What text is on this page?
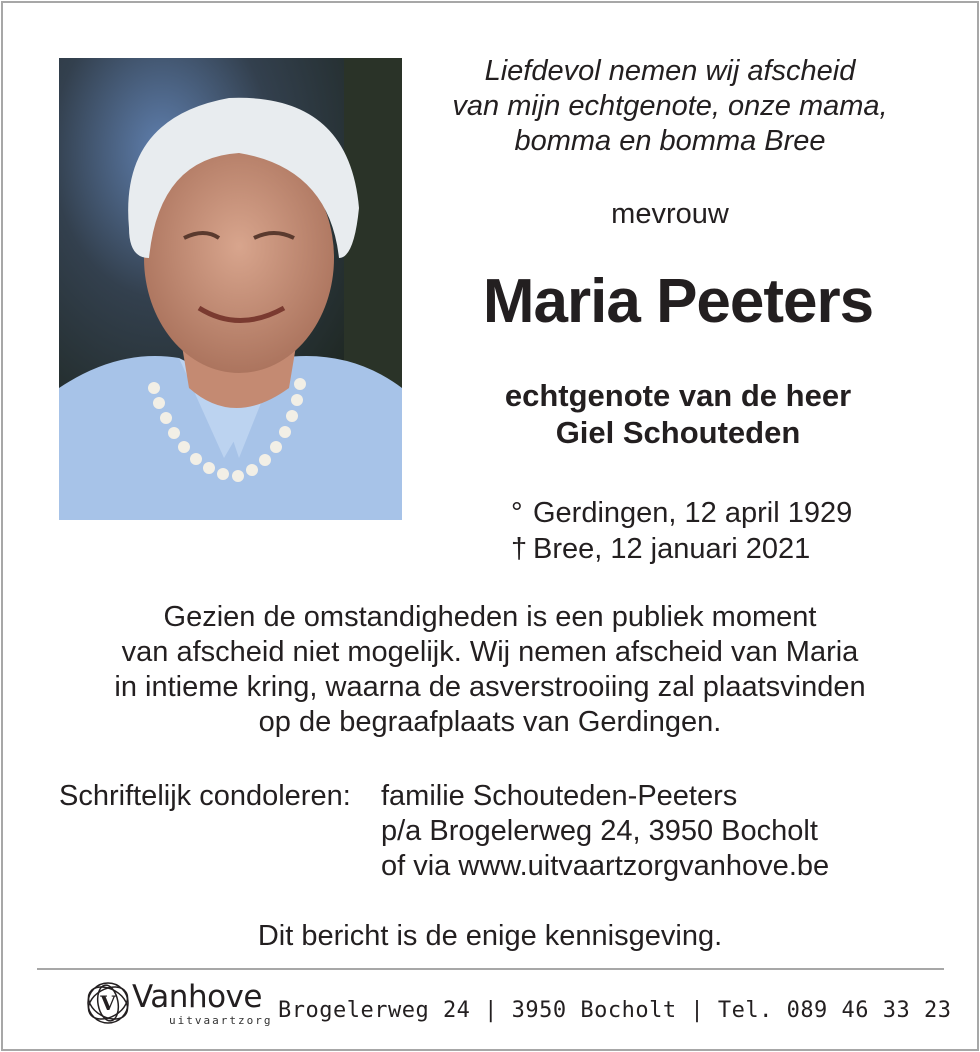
Liefdevol nemen wij afscheid
van mijn echtgenote, onze mama,
bomma en bomma Bree
mevrouw
Maria Peeters
echtgenote van de heer
Giel Schouteden
° Gerdingen, 12 april 1929
† Bree, 12 januari 2021
Gezien de omstandigheden is een publiek moment
van afscheid niet mogelijk. Wij nemen afscheid van Maria
in intieme kring, waarna de asverstrooiing zal plaatsvinden
op de begraafplaats van Gerdingen.
Schriftelijk condoleren: familie Schouteden-Peeters
p/a Brogelerweg 24, 3950 Bocholt
of via www.uitvaartzorgvanhove.be
Dit bericht is de enige kennisgeving.
V Vanhove
uitvaartzorg Brogelerweg 24 | 3950 Bocholt | Tel. 089 46 33 23
